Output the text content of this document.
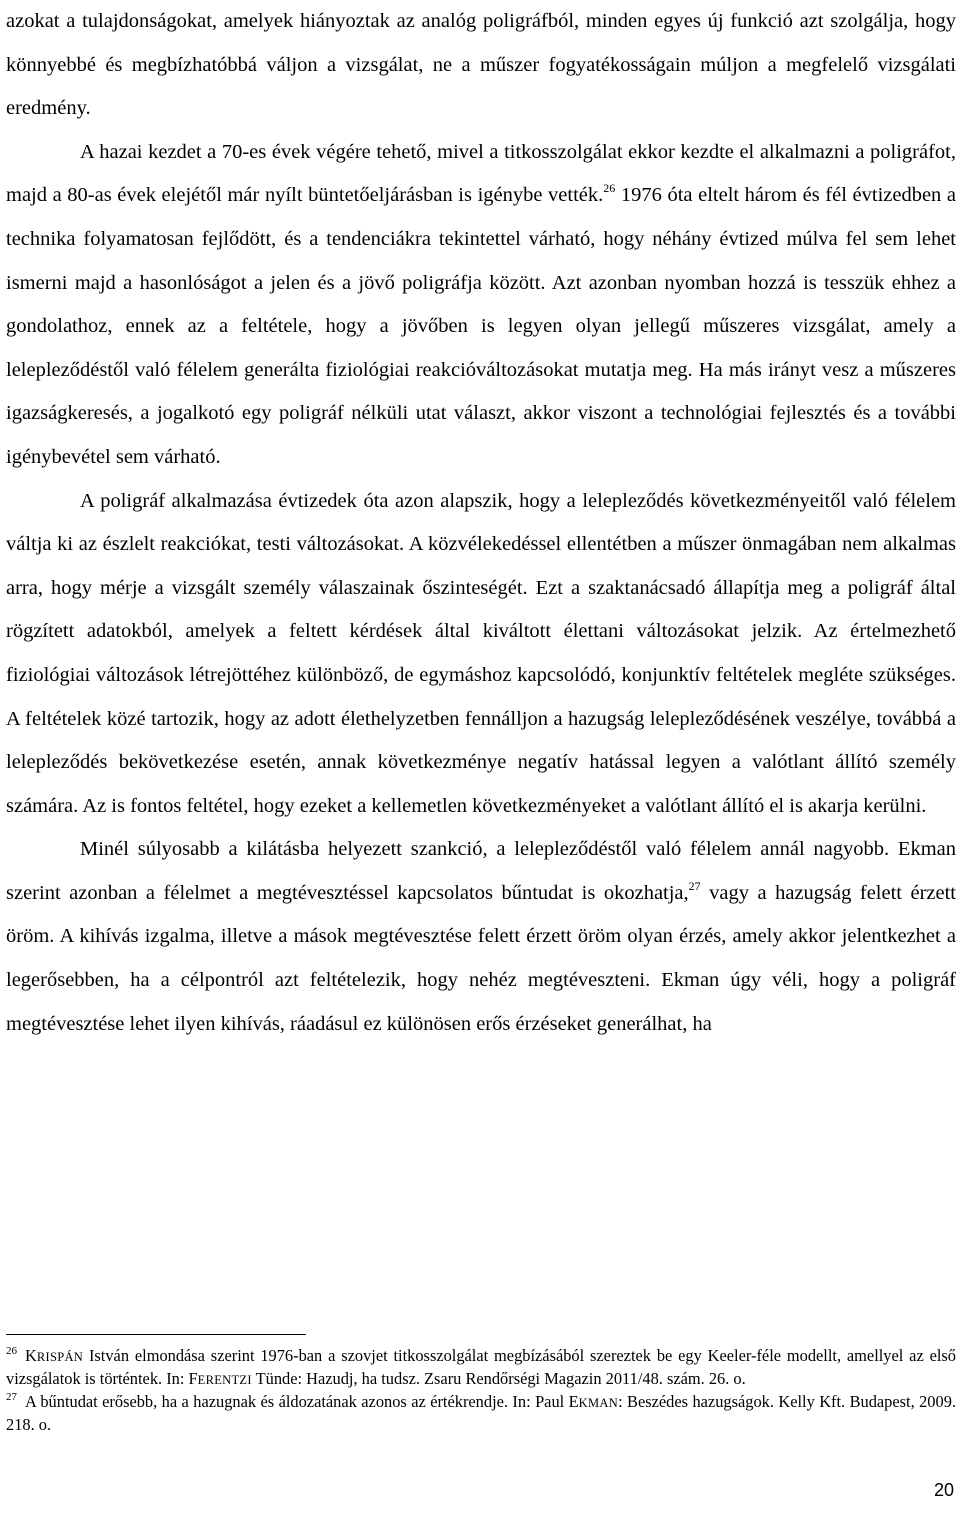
azokat a tulajdonságokat, amelyek hiányoztak az analóg poligráfból, minden egyes új funkció azt szolgálja, hogy könnyebbé és megbízhatóbbá váljon a vizsgálat, ne a műszer fogyatékosságain múljon a megfelelő vizsgálati eredmény.

A hazai kezdet a 70-es évek végére tehető, mivel a titkosszolgálat ekkor kezdte el alkalmazni a poligráfot, majd a 80-as évek elejétől már nyílt büntetőeljárásban is igénybe vették.$^{26}$ 1976 óta eltelt három és fél évtizedben a technika folyamatosan fejlődött, és a tendenciákra tekintettel várható, hogy néhány évtized múlva fel sem lehet ismerni majd a hasonlóságot a jelen és a jövő poligráfja között. Azt azonban nyomban hozzá is tesszük ehhez a gondolathoz, ennek az a feltétele, hogy a jövőben is legyen olyan jellegű műszeres vizsgálat, amely a lelepleződéstől való félelem generálta fiziológiai reakcióváltozásokat mutatja meg. Ha más irányt vesz a műszeres igazságkeresés, a jogalkotó egy poligráf nélküli utat választ, akkor viszont a technológiai fejlesztés és a további igénybevétel sem várható.

A poligráf alkalmazása évtizedek óta azon alapszik, hogy a lelepleződés következményeitől való félelem váltja ki az észlelt reakciókat, testi változásokat. A közvélekedéssel ellentétben a műszer önmagában nem alkalmas arra, hogy mérje a vizsgált személy válaszainak őszinteségét. Ezt a szaktanácsadó állapítja meg a poligráf által rögzített adatokból, amelyek a feltett kérdések által kiváltott élettani változásokat jelzik. Az értelmezhető fiziológiai változások létrejöttéhez különböző, de egymáshoz kapcsolódó, konjunktív feltételek megléte szükséges. A feltételek közé tartozik, hogy az adott élethelyzetben fennálljon a hazugság lelepleződésének veszélye, továbbá a lelepleződés bekövetkezése esetén, annak következménye negatív hatással legyen a valótlant állító személy számára. Az is fontos feltétel, hogy ezeket a kellemetlen következményeket a valótlant állító el is akarja kerülni.

Minél súlyosabb a kilátásba helyezett szankció, a lelepleződéstől való félelem annál nagyobb. Ekman szerint azonban a félelmet a megtévesztéssel kapcsolatos bűntudat is okozhatja,$^{27}$ vagy a hazugság felett érzett öröm. A kihívás izgalma, illetve a mások megtévesztése felett érzett öröm olyan érzés, amely akkor jelentkezhet a legerősebben, ha a célpontról azt feltételezik, hogy nehéz megtéveszteni. Ekman úgy véli, hogy a poligráf megtévesztése lehet ilyen kihívás, ráadásul ez különösen erős érzéseket generálhat, ha

$^{26}$ KRISPÁN István elmondása szerint 1976-ban a szovjet titkosszolgálat megbízásából szereztek be egy Keeler-féle modellt, amellyel az első vizsgálatok is történtek. In: FERENTZI Tünde: Hazudj, ha tudsz. Zsaru Rendőrségi Magazin 2011/48. szám. 26. o.

$^{27}$ A bűntudat erősebb, ha a hazugnak és áldozatának azonos az értékrendje. In: Paul EKMAN: Beszédes hazugságok. Kelly Kft. Budapest, 2009. 218. o.

20
